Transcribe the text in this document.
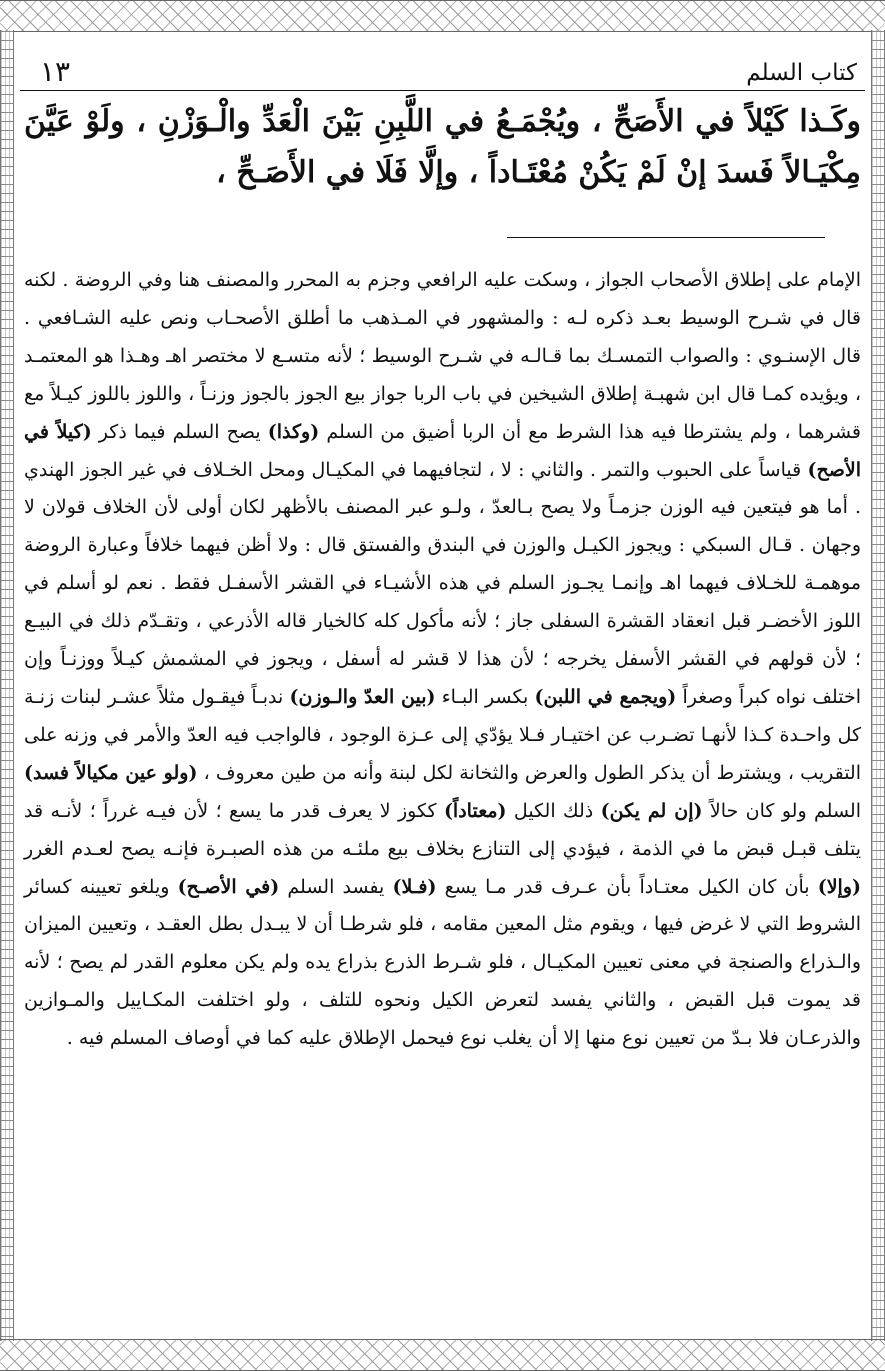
كتاب السلم
١٣

وكَـذا كَيْلاً في الأَصَحِّ ، ويُجْمَـعُ في اللَّبِنِ بَيْنَ الْعَدِّ والْـوَزْنِ ، ولَوْ عَيَّنَ مِكْيَـالاً فَسدَ إنْ لَمْ يَكُنْ مُعْتَـاداً ، وإلَّا فَلَا في الأَصَـحِّ ،

الإمام على إطلاق الأصحاب الجواز ، وسكت عليه الرافعي وجزم به المحرر والمصنف هنا وفي الروضة . لكنه قال في شـرح الوسيط بعـد ذكره لـه : والمشهور في المـذهب ما أطلق الأصحـاب ونص عليه الشـافعي . قال الإسنـوي : والصواب التمسـك بما قـالـه في شـرح الوسيط ؛ لأنه متسـع لا مختصر اهـ وهـذا هو المعتمـد ، ويؤيده كمـا قال ابن شهبـة إطلاق الشيخين في باب الربا جواز بيع الجوز بالجوز وزنـاً ، واللوز باللوز كيـلاً مع قشرهما ، ولم يشترطا فيه هذا الشرط مع أن الربا أضيق من السلم (وكذا) يصح السلم فيما ذكر (كيلاً في الأصح) قياساً على الحبوب والتمر . والثاني : لا ، لتجافيهما في المكيـال ومحل الخـلاف في غير الجوز الهندي . أما هو فيتعين فيه الوزن جزمـاً ولا يصح بـالعدّ ، ولـو عبر المصنف بالأظهر لكان أولى لأن الخلاف قولان لا وجهان . قـال السبكي : ويجوز الكيـل والوزن في البندق والفستق قال : ولا أظن فيهما خلافاً وعبارة الروضة موهمـة للخـلاف فيهما اهـ وإنمـا يجـوز السلم في هذه الأشيـاء في القشر الأسفـل فقط . نعم لو أسلم في اللوز الأخضـر قبل انعقاد القشرة السفلى جاز ؛ لأنه مأكول كله كالخيار قاله الأذرعي ، وتقـدّم ذلك في البيـع ؛ لأن قولهم في القشر الأسفل يخرجه ؛ لأن هذا لا قشر له أسفل ، ويجوز في المشمش كيـلاً ووزنـاً وإن اختلف نواه كبراً وصغراً (ويجمع في اللبن) بكسر البـاء (بين العدّ والـوزن) ندبـاً فيقـول مثلاً عشـر لبنات زنـة كل واحـدة كـذا لأنهـا تضـرب عن اختيـار فـلا يؤدّي إلى عـزة الوجود ، فالواجب فيه العدّ والأمر في وزنه على التقريب ، ويشترط أن يذكر الطول والعرض والثخانة لكل لبنة وأنه من طين معروف ، (ولو عين مكيالاً فسد) السلم ولو كان حالاً (إن لم يكن) ذلك الكيل (معتاداً) ككوز لا يعرف قدر ما يسع ؛ لأن فيـه غرراً ؛ لأنـه قد يتلف قبـل قبض ما في الذمة ، فيؤدي إلى التنازع بخلاف بيع ملئـه من هذه الصبـرة فإنـه يصح لعـدم الغرر (وإلا) بأن كان الكيل معتـاداً بأن عـرف قدر مـا يسع (فـلا) يفسد السلم (في الأصـح) ويلغو تعيينه كسائر الشروط التي لا غرض فيها ، ويقوم مثل المعين مقامه ، فلو شرطـا أن لا يبـدل بطل العقـد ، وتعيين الميزان والـذراع والصنجة في معنى تعيين المكيـال ، فلو شـرط الذرع بذراع يده ولم يكن معلوم القدر لم يصح ؛ لأنه قد يموت قبل القبض ، والثاني يفسد لتعرض الكيل ونحوه للتلف ، ولو اختلفت المكـاييل والمـوازين والذرعـان فلا بـدّ من تعيين نوع منها إلا أن يغلب نوع فيحمل الإطلاق عليه كما في أوصاف المسلم فيه .
